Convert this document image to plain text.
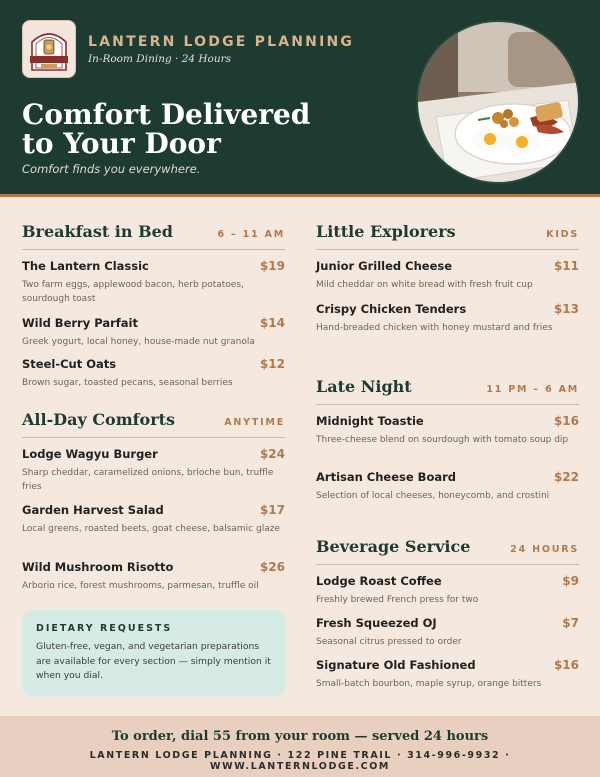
LANTERN LODGE PLANNING
In-Room Dining · 24 Hours
Comfort Delivered
to Your Door
Comfort finds you everywhere.
Breakfast in Bed	6 – 11 AM
The Lantern Classic	$19
Two farm eggs, applewood bacon, herb potatoes, sourdough toast
Wild Berry Parfait	$14
Greek yogurt, local honey, house-made nut granola
Steel-Cut Oats	$12
Brown sugar, toasted pecans, seasonal berries
All-Day Comforts	ANYTIME
Lodge Wagyu Burger	$24
Sharp cheddar, caramelized onions, brioche bun, truffle fries
Garden Harvest Salad	$17
Local greens, roasted beets, goat cheese, balsamic glaze
Wild Mushroom Risotto	$26
Arborio rice, forest mushrooms, parmesan, truffle oil
DIETARY REQUESTS
Gluten-free, vegan, and vegetarian preparations are available for every section — simply mention it when you dial.
Little Explorers	KIDS
Junior Grilled Cheese	$11
Mild cheddar on white bread with fresh fruit cup
Crispy Chicken Tenders	$13
Hand-breaded chicken with honey mustard and fries
Late Night	11 PM – 6 AM
Midnight Toastie	$16
Three-cheese blend on sourdough with tomato soup dip
Artisan Cheese Board	$22
Selection of local cheeses, honeycomb, and crostini
Beverage Service	24 HOURS
Lodge Roast Coffee	$9
Freshly brewed French press for two
Fresh Squeezed OJ	$7
Seasonal citrus pressed to order
Signature Old Fashioned	$16
Small-batch bourbon, maple syrup, orange bitters
To order, dial 55 from your room — served 24 hours
LANTERN LODGE PLANNING · 122 PINE TRAIL · 314-996-9932 · WWW.LANTERNLODGE.COM
